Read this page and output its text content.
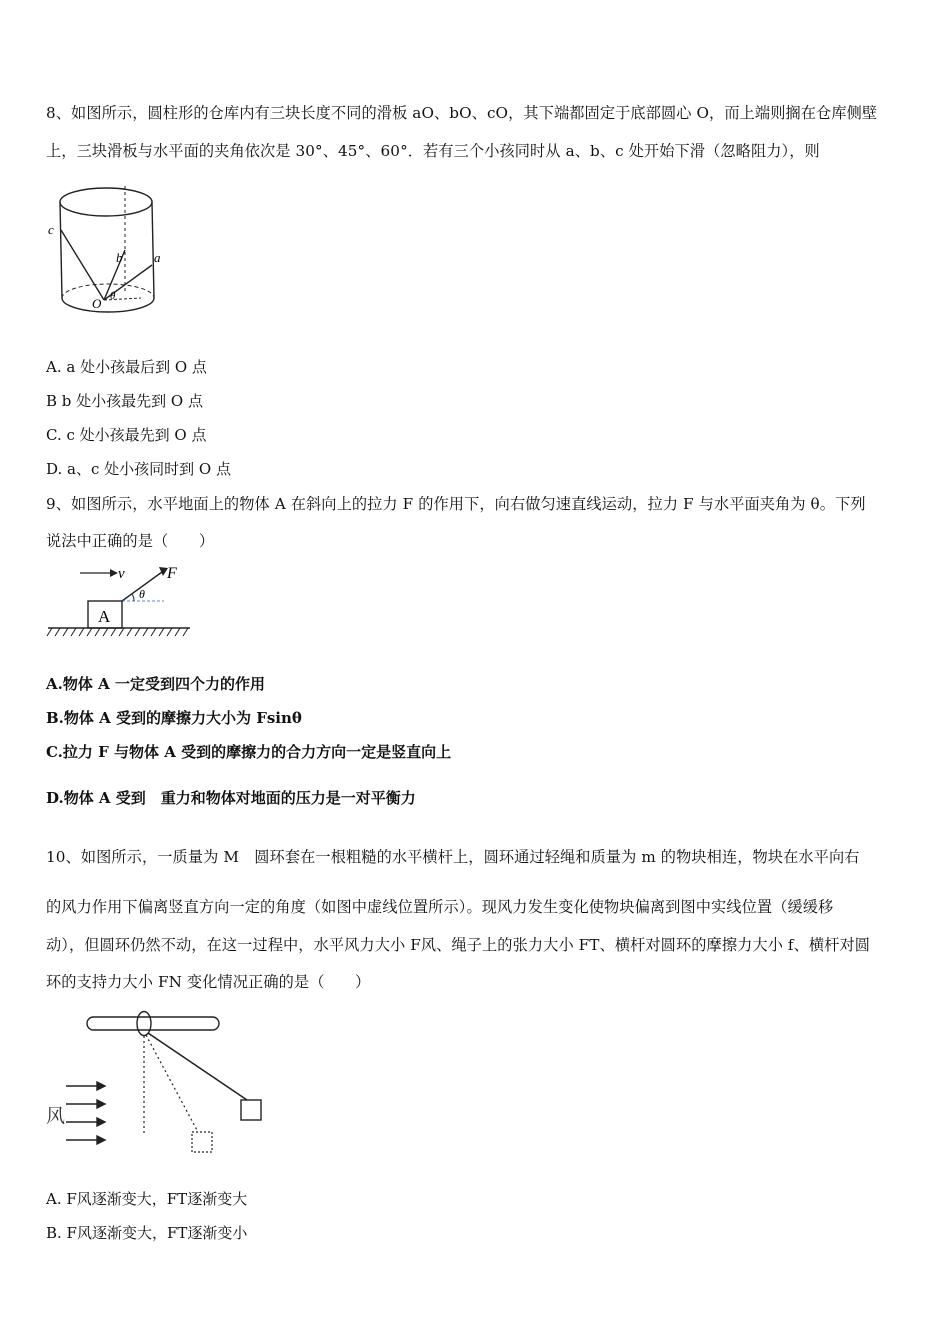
8、如图所示，圆柱形的仓库内有三块长度不同的滑板 aO、bO、cO，其下端都固定于底部圆心 O，而上端则搁在仓库侧壁
上，三块滑板与水平面的夹角依次是 30°、45°、60°．若有三个小孩同时从 a、b、c 处开始下滑（忽略阻力），则
c
b a
O θ
A. a 处小孩最后到 O 点
B b 处小孩最先到 O 点
C. c 处小孩最先到 O 点
D. a、c 处小孩同时到 O 点
9、如图所示，水平地面上的物体 A 在斜向上的拉力 F 的作用下，向右做匀速直线运动，拉力 F 与水平面夹角为 θ。下列
说法中正确的是（　　）
v	F
θ
A
A.物体 A 一定受到四个力的作用
B.物体 A 受到的摩擦力大小为 Fsinθ
C.拉力 F 与物体 A 受到的摩擦力的合力方向一定是竖直向上
D.物体 A 受到　重力和物体对地面的压力是一对平衡力
10、如图所示，一质量为 M　圆环套在一根粗糙的水平横杆上，圆环通过轻绳和质量为 m 的物块相连，物块在水平向右
的风力作用下偏离竖直方向一定的角度（如图中虚线位置所示）。现风力发生变化使物块偏离到图中实线位置（缓缓移
动），但圆环仍然不动，在这一过程中，水平风力大小 F风、绳子上的张力大小 FT、横杆对圆环的摩擦力大小 f、横杆对圆
环的支持力大小 FN 变化情况正确的是（　　）
风
A. F风逐渐变大，FT逐渐变大
B. F风逐渐变大，FT逐渐变小
